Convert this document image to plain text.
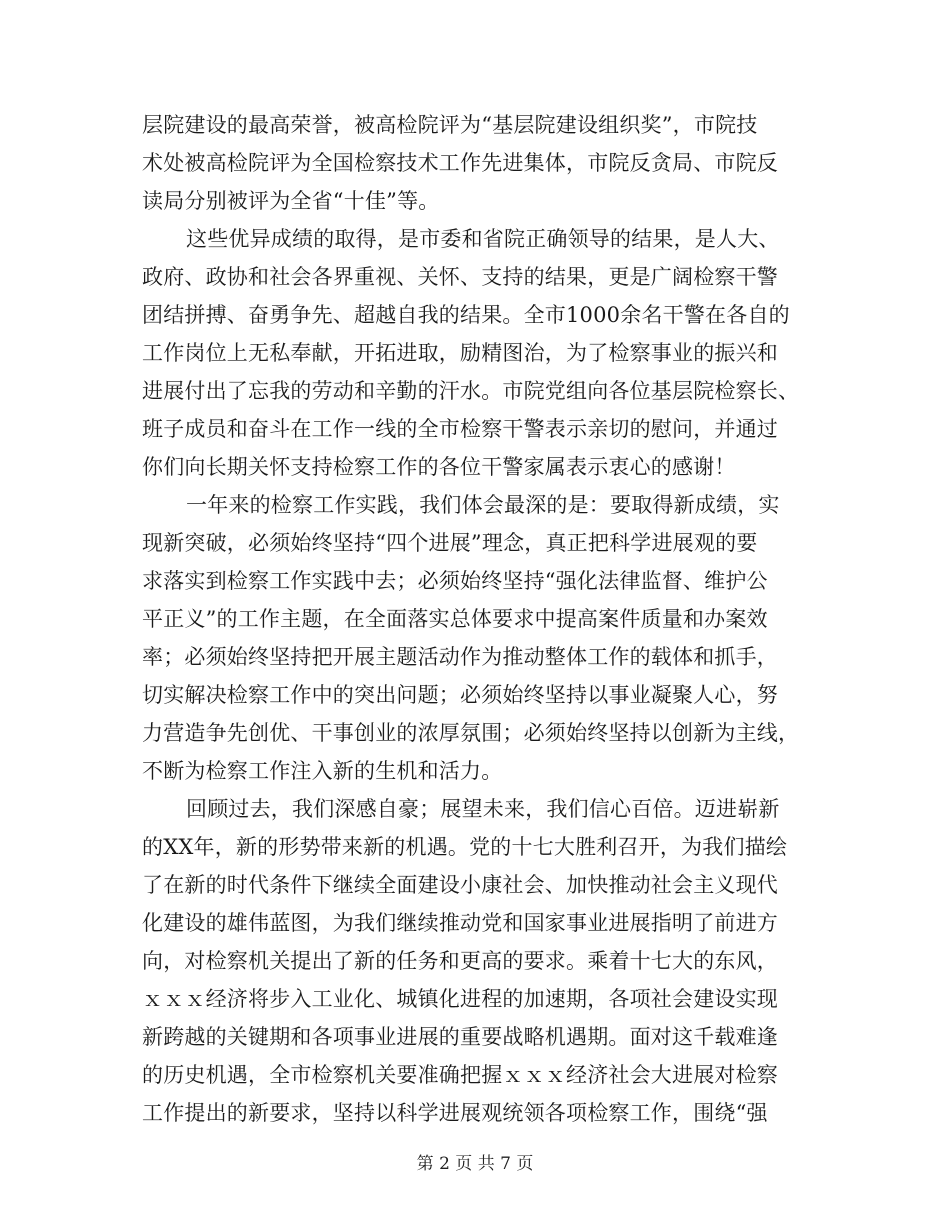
层院建设的最高荣誉，被高检院评为“基层院建设组织奖”，市院技
术处被高检院评为全国检察技术工作先进集体，市院反贪局、市院反
读局分别被评为全省“十佳”等。
这些优异成绩的取得，是市委和省院正确领导的结果，是人大、
政府、政协和社会各界重视、关怀、支持的结果，更是广阔检察干警
团结拼搏、奋勇争先、超越自我的结果。全市1000余名干警在各自的
工作岗位上无私奉献，开拓进取，励精图治，为了检察事业的振兴和
进展付出了忘我的劳动和辛勤的汗水。市院党组向各位基层院检察长、
班子成员和奋斗在工作一线的全市检察干警表示亲切的慰问，并通过
你们向长期关怀支持检察工作的各位干警家属表示衷心的感谢！
一年来的检察工作实践，我们体会最深的是：要取得新成绩，实
现新突破，必须始终坚持“四个进展”理念，真正把科学进展观的要
求落实到检察工作实践中去；必须始终坚持“强化法律监督、维护公
平正义”的工作主题，在全面落实总体要求中提高案件质量和办案效
率；必须始终坚持把开展主题活动作为推动整体工作的载体和抓手，
切实解决检察工作中的突出问题；必须始终坚持以事业凝聚人心，努
力营造争先创优、干事创业的浓厚氛围；必须始终坚持以创新为主线，
不断为检察工作注入新的生机和活力。
回顾过去，我们深感自豪；展望未来，我们信心百倍。迈进崭新
的XX年，新的形势带来新的机遇。党的十七大胜利召开，为我们描绘
了在新的时代条件下继续全面建设小康社会、加快推动社会主义现代
化建设的雄伟蓝图，为我们继续推动党和国家事业进展指明了前进方
向，对检察机关提出了新的任务和更高的要求。乘着十七大的东风，
ｘｘｘ经济将步入工业化、城镇化进程的加速期，各项社会建设实现
新跨越的关键期和各项事业进展的重要战略机遇期。面对这千载难逢
的历史机遇，全市检察机关要准确把握ｘｘｘ经济社会大进展对检察
工作提出的新要求，坚持以科学进展观统领各项检察工作，围绕“强
第 2 页 共 7 页
